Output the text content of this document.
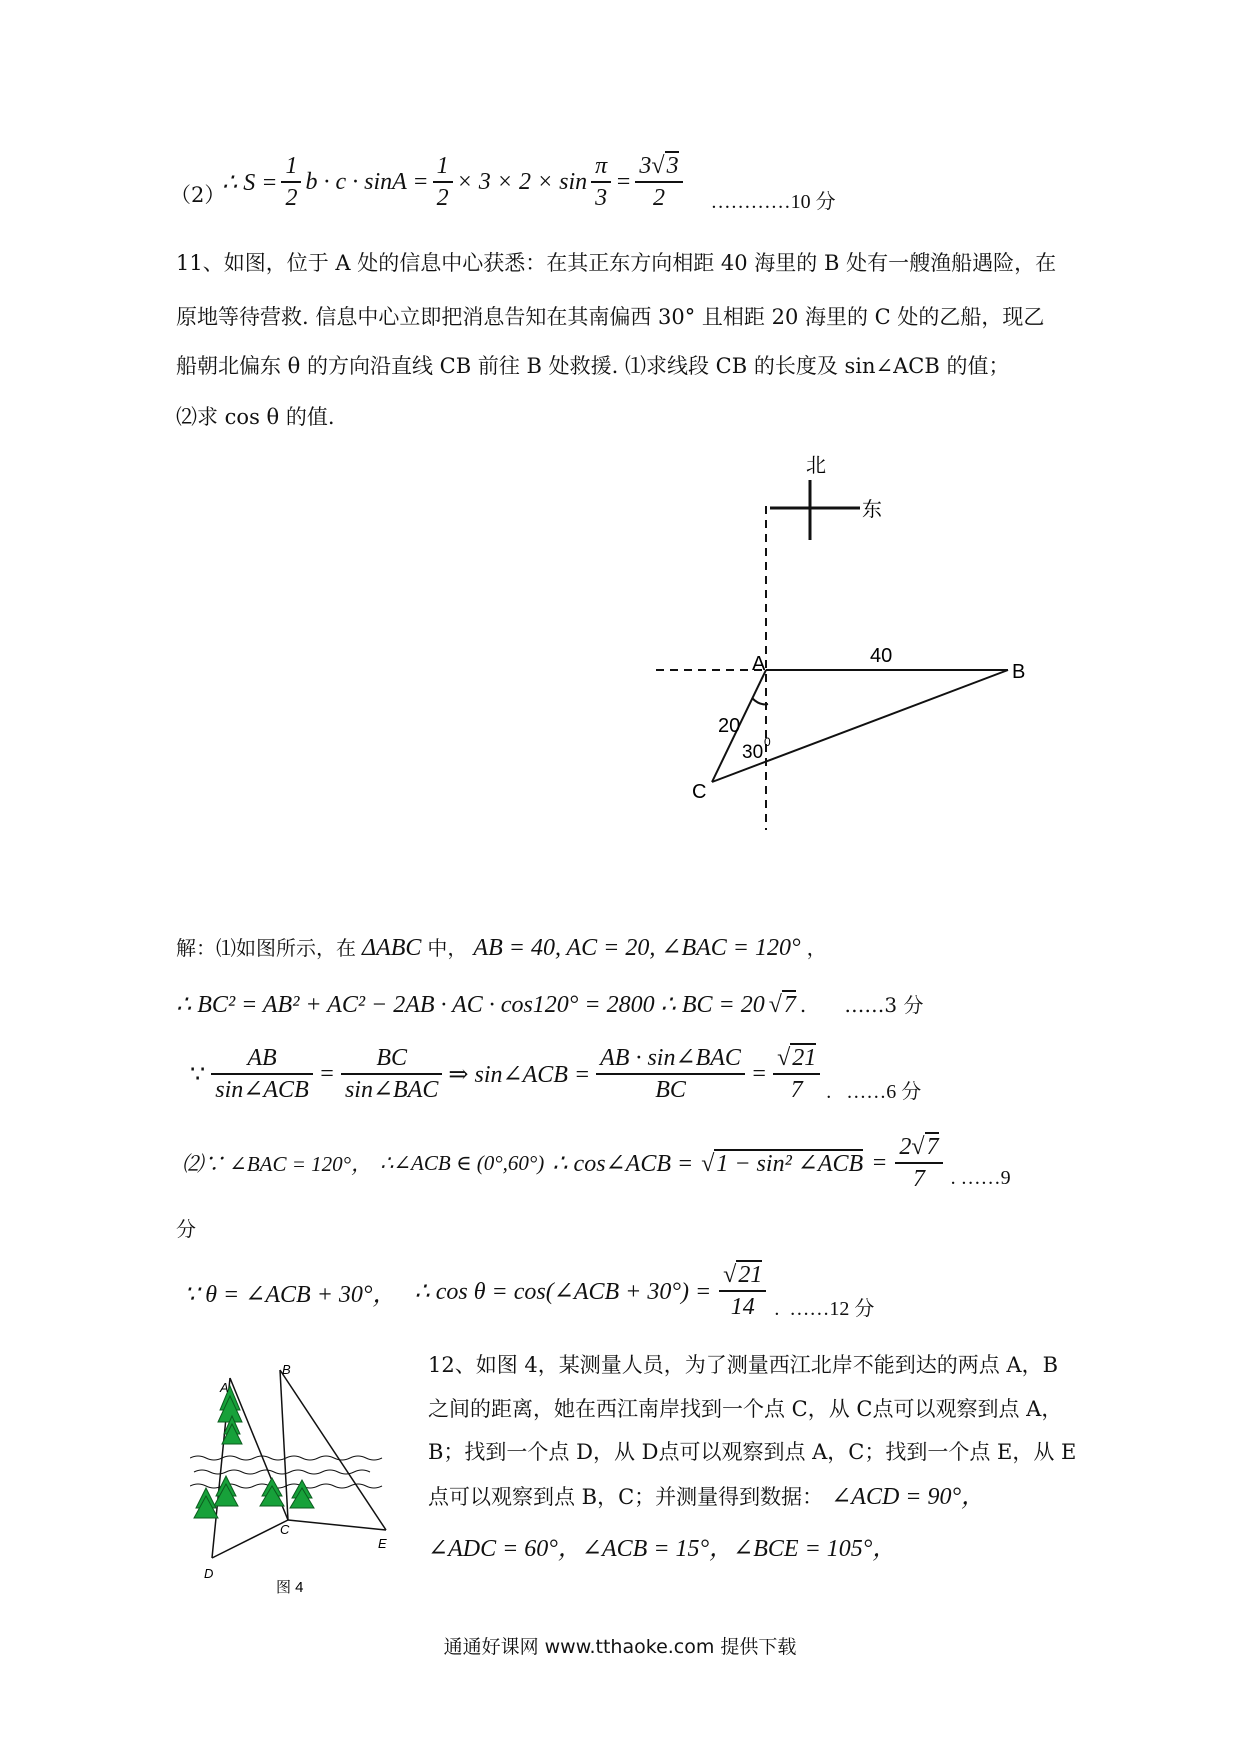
（2）
∴ $S = \frac{1}{2}$ $b \cdot c \cdot \sin A = \frac{1}{2} \times 3 \times 2 \times \sin \frac{\pi}{3} = \frac{3√3}{2}$ …………10 分
11、如图，位于 A 处的信息中心获悉：在其正东方向相距 40 海里的 B 处有一艘渔船遇险，在
原地等待营救. 信息中心立即把消息告知在其南偏西 30° 且相距 20 海里的 C 处的乙船，现乙
船朝北偏东 θ 的方向沿直线 CB 前往 B 处救援. ⑴求线段 CB 的长度及 sin∠ACB 的值；
⑵求 cos θ 的值.
北
东
A	B
C
40
20
30 0
解：⑴如图所示，在 ΔABC 中， AB = 40, AC = 20, ∠BAC = 120° ，
∴ BC² = AB² + AC² − 2AB · AC · cos120° = 2800 ∴ BC = 20 √7 .      ……3 分
∵ $\frac{AB}{\text{sin∠ACB}} = \frac{BC}{\text{sin∠BAC}}$ ⇒ sin∠ACB = $\frac{\text{AB · sin∠BAC}}{BC} = \frac{√21}{7}$ .   ……6 分
⑵∵ ∠BAC = 120°， ∴∠ACB ∈ (0°,60°) ∴ cos∠ACB = √1 − sin² ∠ACB = $\frac{2√7}{7}$ . ……9
分
∵ θ = ∠ACB + 30°， ∴ cos θ = cos(∠ACB + $30^\circ) = \frac{√21}{14}$ .  ……12 分
A
B
C
D
E
图 4
12、如图 4，某测量人员，为了测量西江北岸不能到达的两点 A，B
之间的距离，她在西江南岸找到一个点 C，从 C点可以观察到点 A，
B；找到一个点 D，从 D点可以观察到点 A，C；找到一个点 E，从 E
点可以观察到点 B，C；并测量得到数据： ∠ACD = 90°，
∠ADC = 60°，∠ACB = 15°，∠BCE = 105°，
通通好课网 www.tthaoke.com 提供下载
